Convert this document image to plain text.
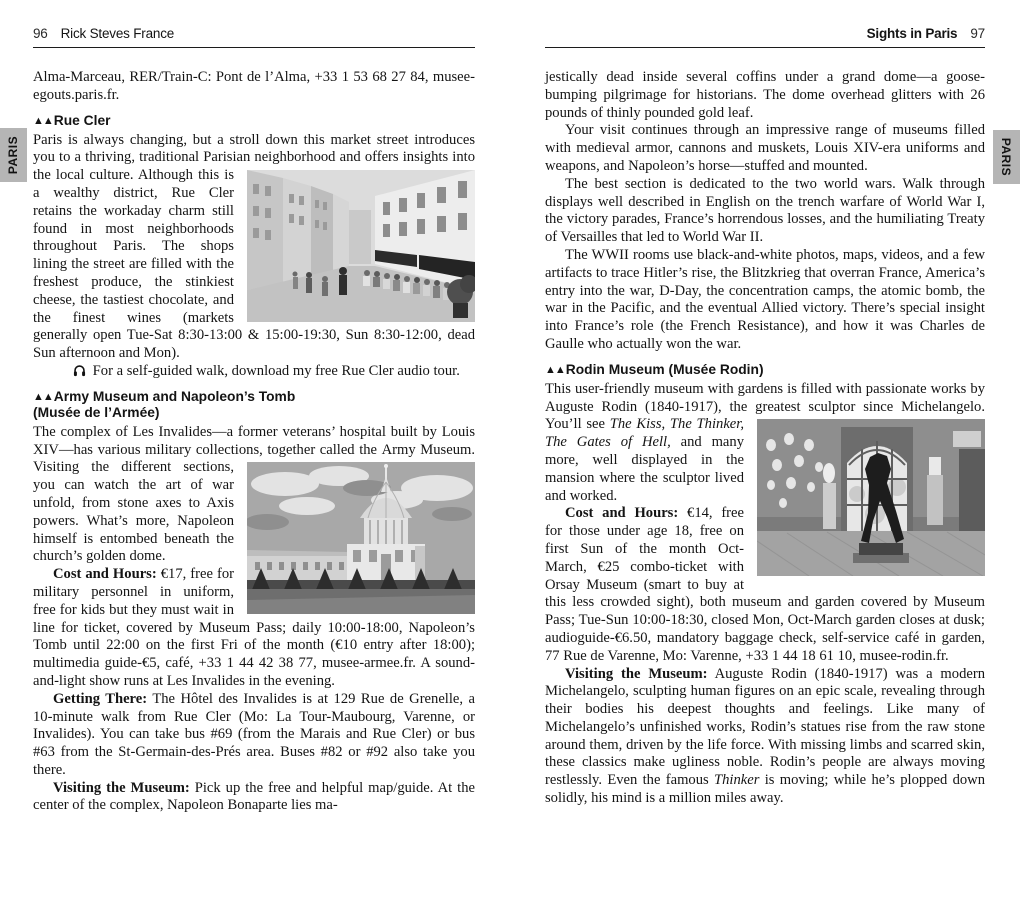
PARIS	PARIS
96 Rick Steves France

Alma-Marceau, RER/Train-C: Pont de l’Alma, +33 1 53 68 27 84, musee-egouts.paris.fr.

▲▲Rue Cler

Paris is always changing, but a stroll down this market street introduces you to a thriving, traditional Parisian neighborhood and offers insights into the local culture. Although this is a wealthy district, Rue Cler retains the workaday charm still found in most neighborhoods throughout Paris. The shops lining the street are filled with the freshest produce, the stinkiest cheese, the tastiest chocolate, and the finest wines (markets generally open Tue-Sat 8:30-13:00 & 15:00-19:30, Sun 8:30-12:00, dead Sun afternoon and Mon).

For a self-guided walk, download my free Rue Cler audio tour.

▲▲Army Museum and Napoleon’s Tomb
(Musée de l’Armée)

The complex of Les Invalides—a former veterans’ hospital built by Louis XIV—has various military collections, together called the Army Museum. Visiting the different sections, you can watch the art of war unfold, from stone axes to Axis powers. What’s more, Napoleon himself is entombed beneath the church’s golden dome.

Cost and Hours: €17, free for military personnel in uniform, free for kids but they must wait in line for ticket, covered by Museum Pass; daily 10:00-18:00, Napoleon’s Tomb until 22:00 on the first Fri of the month (€10 entry after 18:00); multimedia guide-€5, café, +33 1 44 42 38 77, musee-armee.fr. A sound-and-light show runs at Les Invalides in the evening.

Getting There: The Hôtel des Invalides is at 129 Rue de Grenelle, a 10-minute walk from Rue Cler (Mo: La Tour-Maubourg, Varenne, or Invalides). You can take bus #69 (from the Marais and Rue Cler) or bus #63 from the St-Germain-des-Prés area. Buses #82 or #92 also take you there.

Visiting the Museum: Pick up the free and helpful map/guide. At the center of the complex, Napoleon Bonaparte lies ma-

Sights in Paris 97

jestically dead inside several coffins under a grand dome—a goose-bumping pilgrimage for historians. The dome overhead glitters with 26 pounds of thinly pounded gold leaf.

Your visit continues through an impressive range of museums filled with medieval armor, cannons and muskets, Louis XIV-era uniforms and weapons, and Napoleon’s horse—stuffed and mounted.

The best section is dedicated to the two world wars. Walk through displays well described in English on the trench warfare of World War I, the victory parades, France’s horrendous losses, and the humiliating Treaty of Versailles that led to World War II.

The WWII rooms use black-and-white photos, maps, videos, and a few artifacts to trace Hitler’s rise, the Blitzkrieg that overran France, America’s entry into the war, D-Day, the concentration camps, the atomic bomb, the war in the Pacific, and the eventual Allied victory. There’s special insight into France’s role (the French Resistance), and how it was Charles de Gaulle who actually won the war.

▲▲Rodin Museum (Musée Rodin)

This user-friendly museum with gardens is filled with passionate works by Auguste Rodin (1840-1917), the greatest sculptor since Michelangelo. You’ll see The Kiss, The Thinker, The Gates of Hell, and many more, well displayed in the mansion where the sculptor lived and worked.

Cost and Hours: €14, free for those under age 18, free on first Sun of the month Oct-March, €25 combo-ticket with Orsay Museum (smart to buy at this less crowded sight), both museum and garden covered by Museum Pass; Tue-Sun 10:00-18:30, closed Mon, Oct-March garden closes at dusk; audioguide-€6.50, mandatory baggage check, self-service café in garden, 77 Rue de Varenne, Mo: Varenne, +33 1 44 18 61 10, musee-rodin.fr.

Visiting the Museum: Auguste Rodin (1840-1917) was a modern Michelangelo, sculpting human figures on an epic scale, revealing through their bodies his deepest thoughts and feelings. Like many of Michelangelo’s unfinished works, Rodin’s statues rise from the raw stone around them, driven by the life force. With missing limbs and scarred skin, these classics make ugliness noble. Rodin’s people are always moving restlessly. Even the famous Thinker is moving; while he’s plopped down solidly, his mind is a million miles away.
